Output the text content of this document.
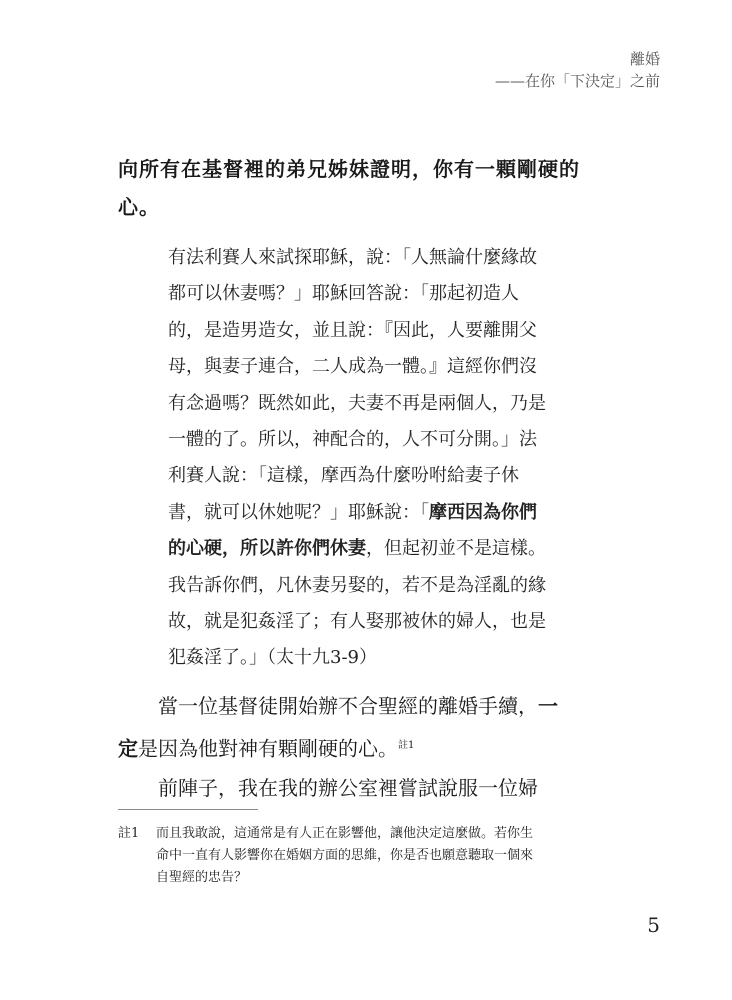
離婚
——在你「下決定」之前
向所有在基督裡的弟兄姊妹證明，你有一顆剛硬的
心。
有法利賽人來試探耶穌，說：「人無論什麼緣故
都可以休妻嗎？」耶穌回答說：「那起初造人
的，是造男造女，並且說：『因此，人要離開父
母，與妻子連合，二人成為一體。』這經你們沒
有念過嗎？既然如此，夫妻不再是兩個人，乃是
一體的了。所以，神配合的，人不可分開。」法
利賽人說：「這樣，摩西為什麼吩咐給妻子休
書，就可以休她呢？」耶穌說：「摩西因為你們
的心硬，所以許你們休妻，但起初並不是這樣。
我告訴你們，凡休妻另娶的，若不是為淫亂的緣
故，就是犯姦淫了；有人娶那被休的婦人，也是
犯姦淫了。」（太十九3-9）
當一位基督徒開始辦不合聖經的離婚手續，一
定是因為他對神有顆剛硬的心。$^{註1}$
前陣子，我在我的辦公室裡嘗試說服一位婦
註1	而且我敢說，這通常是有人正在影響他，讓他決定這麼做。若你生
命中一直有人影響你在婚姻方面的思維，你是否也願意聽取一個來
自聖經的忠告？
5
